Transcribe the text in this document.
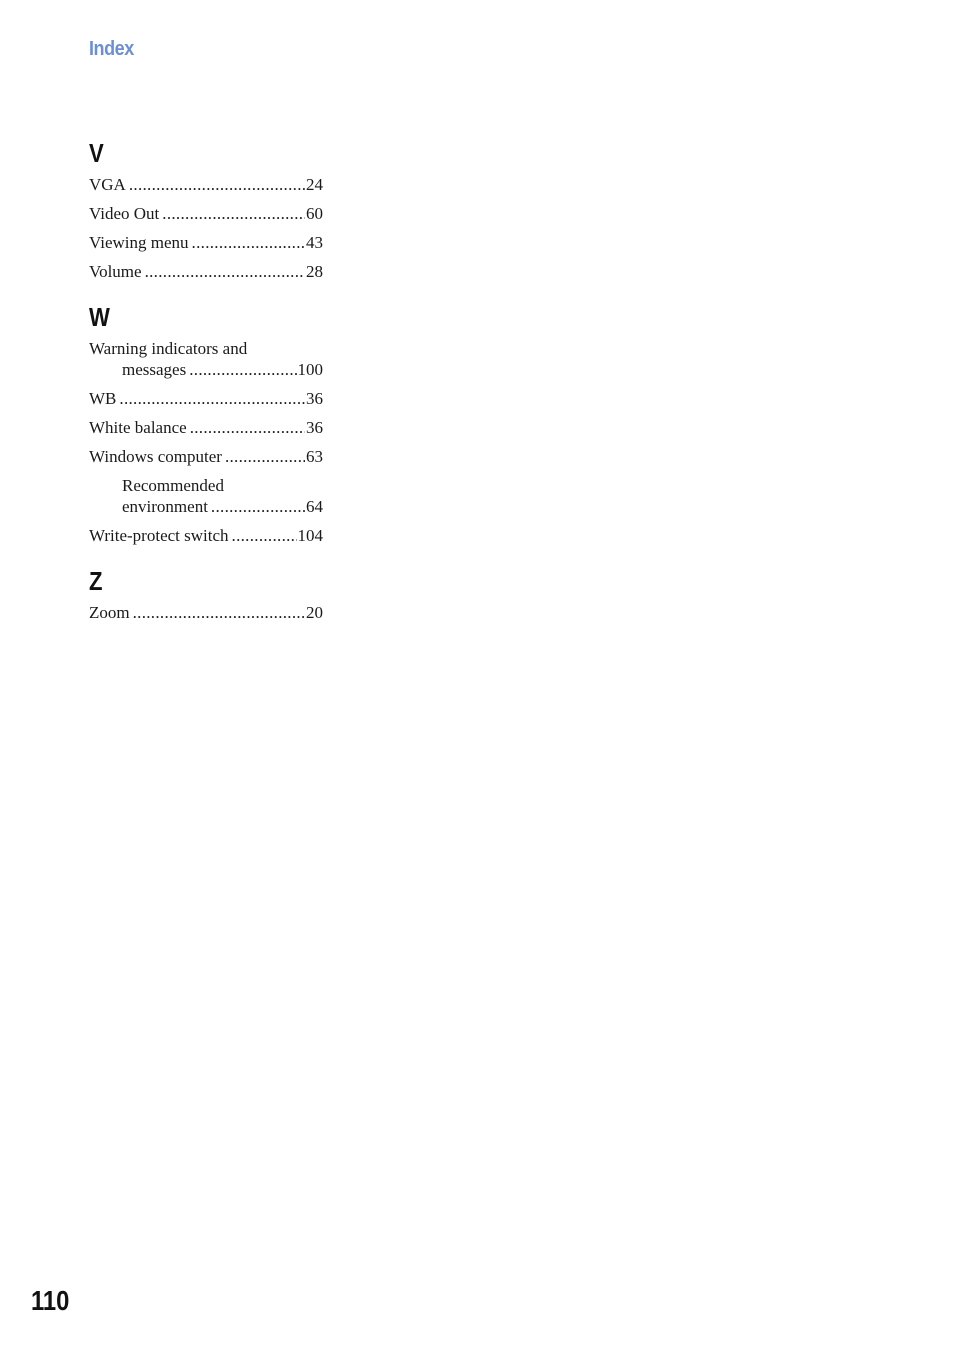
Index
V
VGA .....	24
Video Out .....	60
Viewing menu .....	43
Volume .....	28
W
Warning indicators and
messages .....	100
WB .....	36
White balance .....	36
Windows computer .....	63
Recommended
environment .....	64
Write-protect switch .....	104
Z
Zoom .....	20
110
